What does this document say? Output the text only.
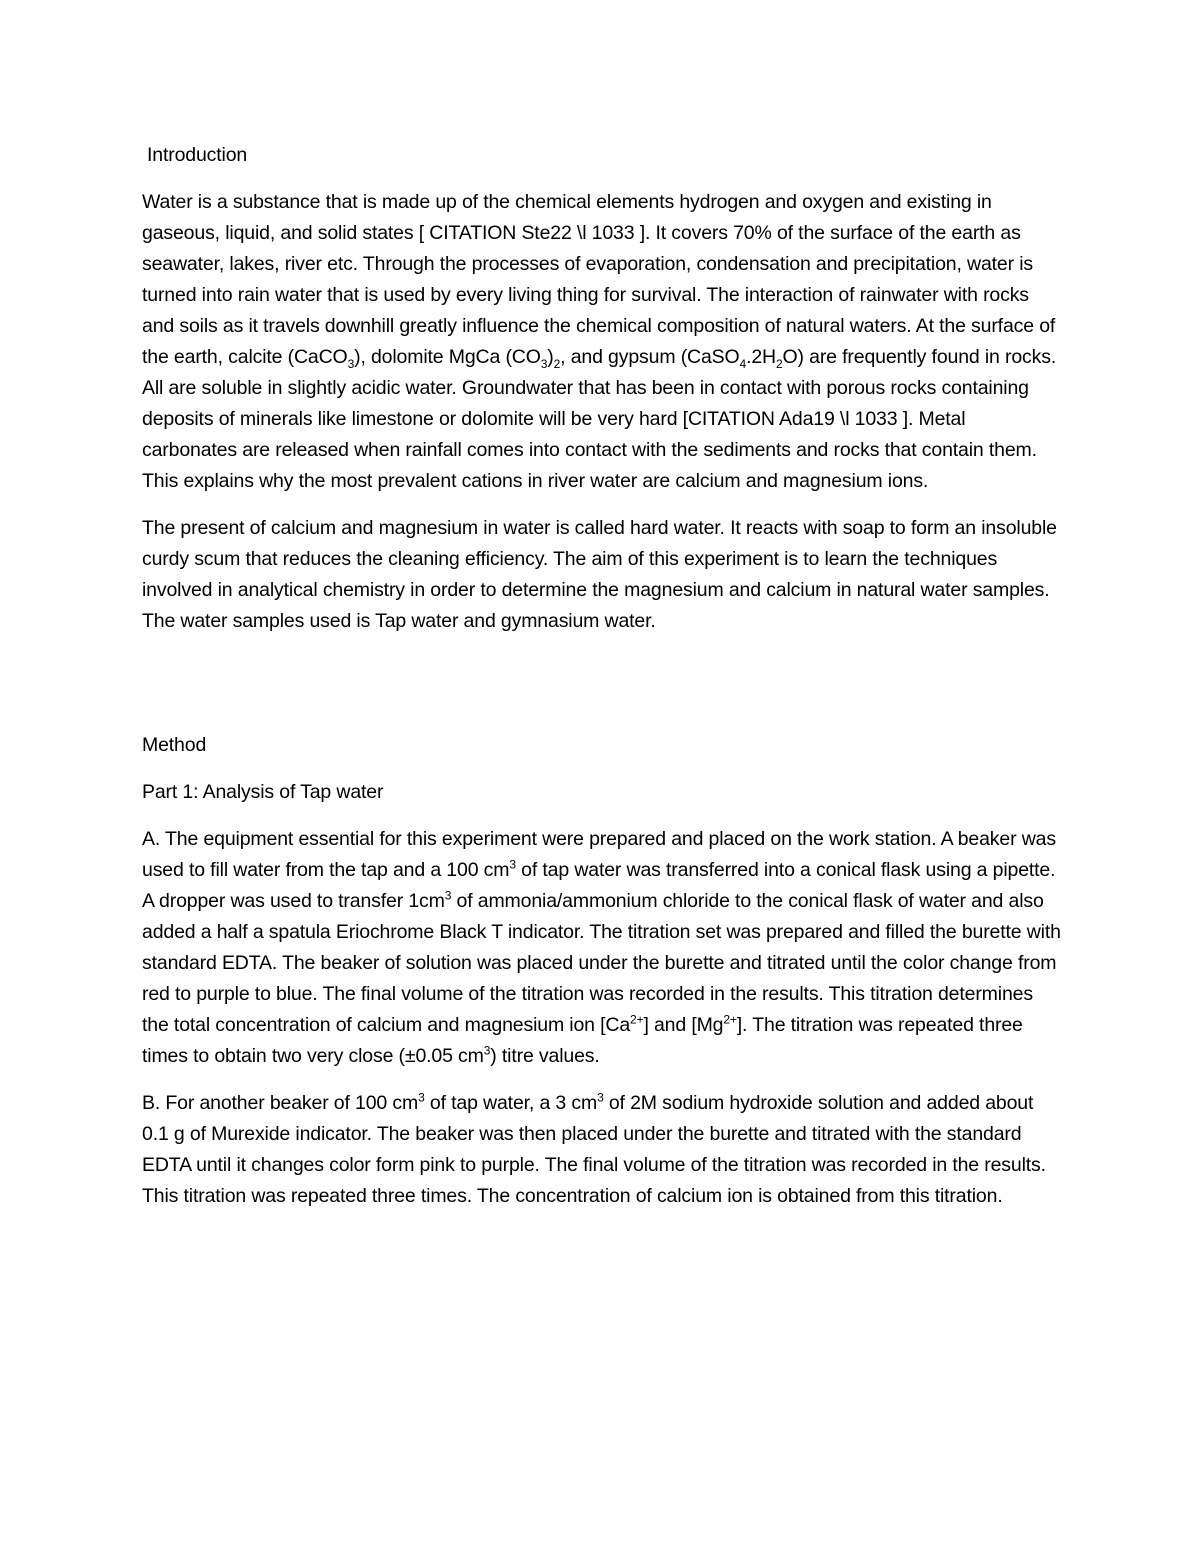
Introduction

Water is a substance that is made up of the chemical elements hydrogen and oxygen and existing in gaseous, liquid, and solid states [ CITATION Ste22 \l 1033 ]. It covers 70% of the surface of the earth as seawater, lakes, river etc. Through the processes of evaporation, condensation and precipitation, water is turned into rain water that is used by every living thing for survival. The interaction of rainwater with rocks and soils as it travels downhill greatly influence the chemical composition of natural waters. At the surface of the earth, calcite (CaCO$_3$), dolomite MgCa $(CO_3)_2$, and gypsum $(CaSO_4.2H_2O)$ are frequently found in rocks. All are soluble in slightly acidic water. Groundwater that has been in contact with porous rocks containing deposits of minerals like limestone or dolomite will be very hard [CITATION Ada19 \l 1033 ]. Metal carbonates are released when rainfall comes into contact with the sediments and rocks that contain them. This explains why the most prevalent cations in river water are calcium and magnesium ions.

The present of calcium and magnesium in water is called hard water. It reacts with soap to form an insoluble curdy scum that reduces the cleaning efficiency. The aim of this experiment is to learn the techniques involved in analytical chemistry in order to determine the magnesium and calcium in natural water samples. The water samples used is Tap water and gymnasium water.

Method
Part 1: Analysis of Tap water

A. The equipment essential for this experiment were prepared and placed on the work station. A beaker was used to fill water from the tap and a 100 $cm^3$ of tap water was transferred into a conical flask using a pipette. A dropper was used to transfer $1cm^3$ of ammonia/ammonium chloride to the conical flask of water and also added a half a spatula Eriochrome Black T indicator. The titration set was prepared and filled the burette with standard EDTA. The beaker of solution was placed under the burette and titrated until the color change from red to purple to blue. The final volume of the titration was recorded in the results. This titration determines the total concentration of calcium and magnesium ion $[Ca^{2+}]$ and $[Mg^{2+}]$. The titration was repeated three times to obtain two very close (±0.05 $cm^3$) titre values.

B. For another beaker of 100 $cm^3$ of tap water, a 3 $cm^3$ of 2M sodium hydroxide solution and added about 0.1 g of Murexide indicator. The beaker was then placed under the burette and titrated with the standard EDTA until it changes color form pink to purple. The final volume of the titration was recorded in the results. This titration was repeated three times. The concentration of calcium ion is obtained from this titration.
